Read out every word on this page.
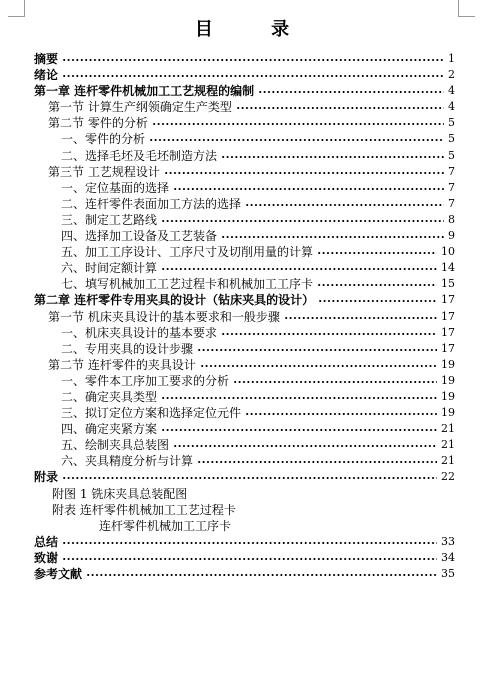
目 录
摘要	1
绪论	2
第一章 连杆零件机械加工工艺规程的编制	4
第一节 计算生产纲领确定生产类型	4
第二节 零件的分析	5
一、零件的分析	5
二、选择毛坯及毛坯制造方法	5
第三节 工艺规程设计	7
一、定位基面的选择	7
二、连杆零件表面加工方法的选择	7
三、制定工艺路线	8
四、选择加工设备及工艺装备	9
五、加工工序设计、工序尺寸及切削用量的计算	10
六、时间定额计算	14
七、填写机械加工工艺过程卡和机械加工工序卡	15
第二章 连杆零件专用夹具的设计（钻床夹具的设计）	17
第一节 机床夹具设计的基本要求和一般步骤	17
一、机床夹具设计的基本要求	17
二、专用夹具的设计步骤	17
第二节 连杆零件的夹具设计	19
一、零件本工序加工要求的分析	19
二、确定夹具类型	19
三、拟订定位方案和选择定位元件	19
四、确定夹紧方案	21
五、绘制夹具总装图	21
六、夹具精度分析与计算	21
附录	22
附图 1 铣床夹具总装配图
附表 连杆零件机械加工工艺过程卡
连杆零件机械加工工序卡
总结	33
致谢	34
参考文献	35
